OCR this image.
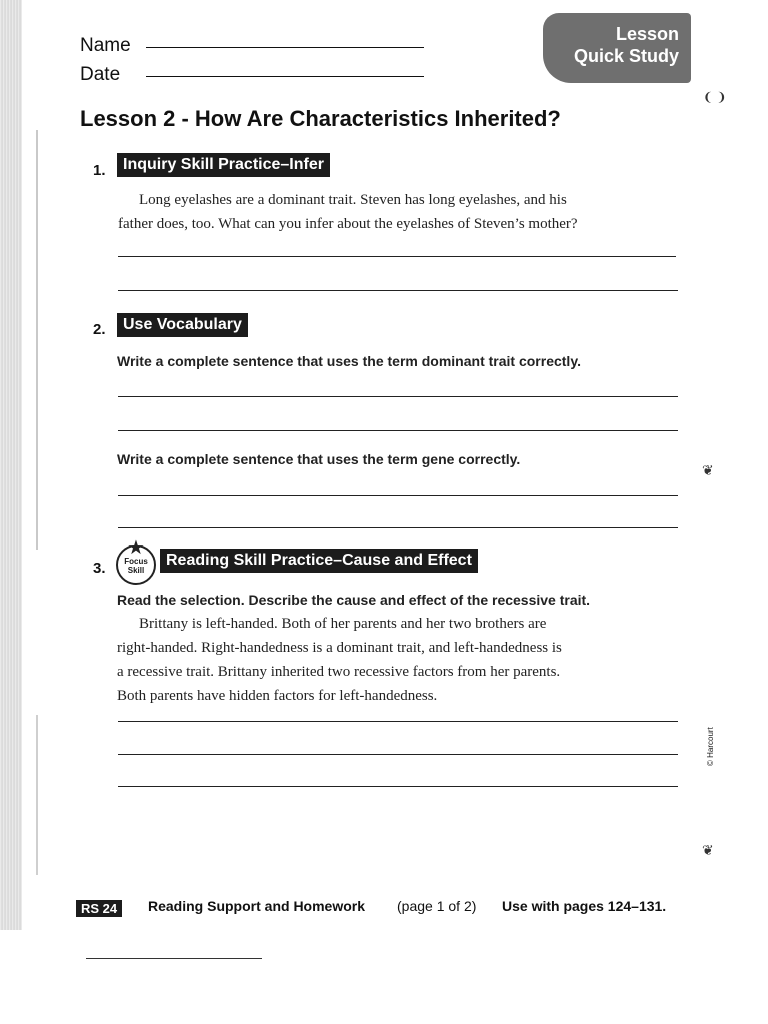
Name
Date
Lesson
Quick Study
❨ ❩
Lesson 2 - How Are Characteristics Inherited?
1.	Inquiry Skill Practice–Infer
Long eyelashes are a dominant trait. Steven has long eyelashes, and his
father does, too. What can you infer about the eyelashes of Steven’s mother?
2.	Use Vocabulary
Write a complete sentence that uses the term dominant trait correctly.
Write a complete sentence that uses the term gene correctly.
❦
3.
★
Focus
Skill
Reading Skill Practice–Cause and Effect
Read the selection. Describe the cause and effect of the recessive trait.
Brittany is left-handed. Both of her parents and her two brothers are
right-handed. Right-handedness is a dominant trait, and left-handedness is
a recessive trait. Brittany inherited two recessive factors from her parents.
Both parents have hidden factors for left-handedness.
© Harcourt
❦
RS 24	Reading Support and Homework (page 1 of 2) Use with pages 124–131.
